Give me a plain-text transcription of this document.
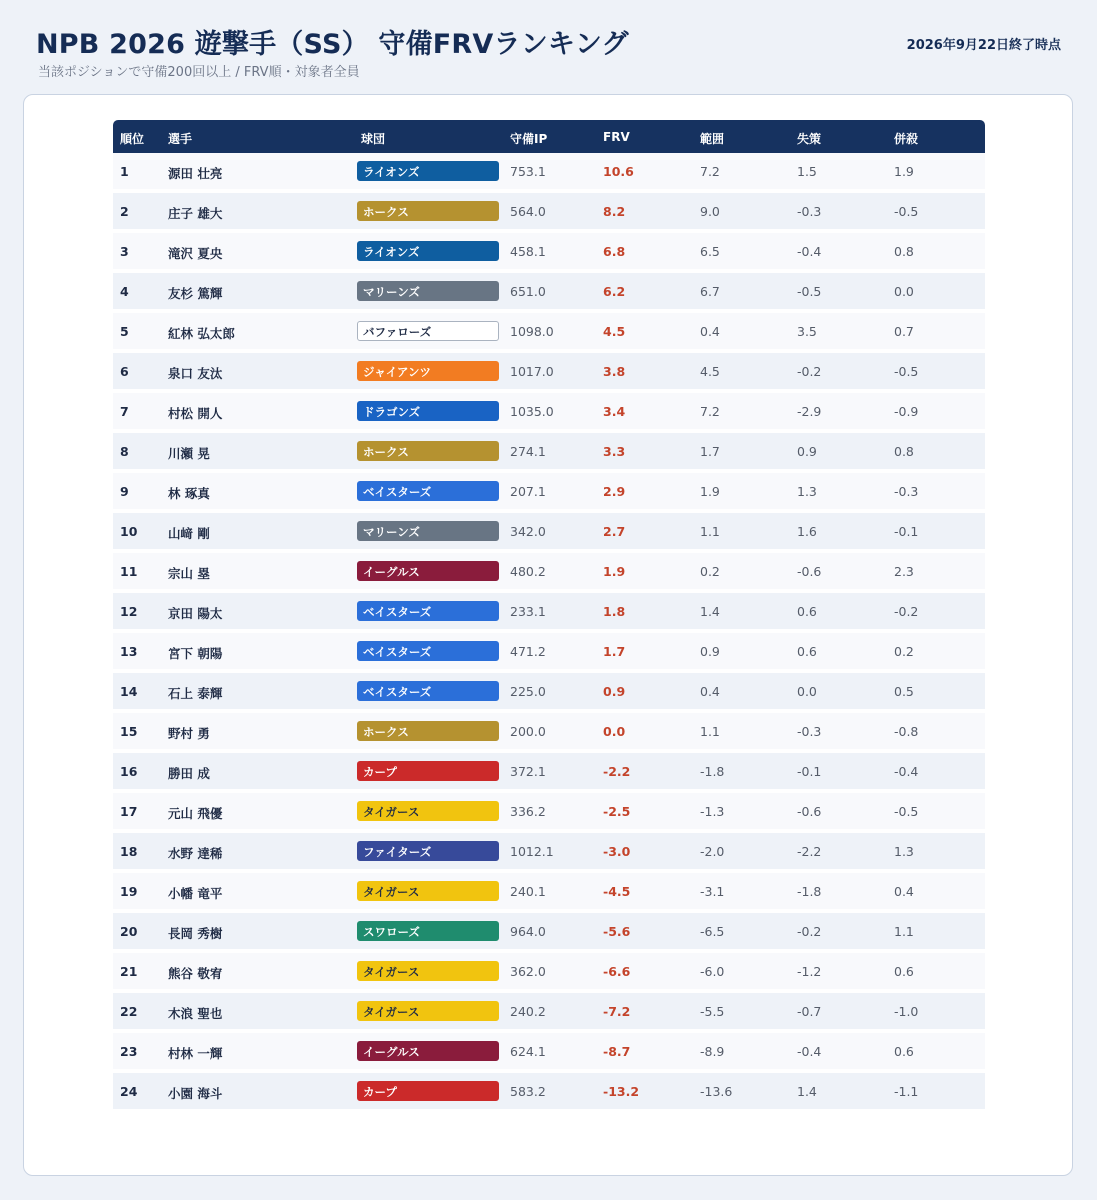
NPB 2026 遊撃手（SS） 守備FRVランキング
当該ポジションで守備200回以上 / FRV順・対象者全員
2026年9月22日終了時点
順位 選手	球団	守備IP	FRV	範囲	失策	併殺
1	源田 壮亮	ライオンズ	753.1	10.6	7.2	1.5	1.9
2	庄子 雄大	ホークス	564.0	8.2	9.0	-0.3	-0.5
3	滝沢 夏央	ライオンズ	458.1	6.8	6.5	-0.4	0.8
4	友杉 篤輝	マリーンズ	651.0	6.2	6.7	-0.5	0.0
5	紅林 弘太郎	バファローズ	1098.0	4.5	0.4	3.5	0.7
6	泉口 友汰	ジャイアンツ	1017.0	3.8	4.5	-0.2	-0.5
7	村松 開人	ドラゴンズ	1035.0	3.4	7.2	-2.9	-0.9
8	川瀬 晃	ホークス	274.1	3.3	1.7	0.9	0.8
9	林 琢真	ベイスターズ	207.1	2.9	1.9	1.3	-0.3
10 山﨑 剛	マリーンズ	342.0	2.7	1.1	1.6	-0.1
11 宗山 塁	イーグルス	480.2	1.9	0.2	-0.6	2.3
12 京田 陽太	ベイスターズ	233.1	1.8	1.4	0.6	-0.2
13 宮下 朝陽	ベイスターズ	471.2	1.7	0.9	0.6	0.2
14 石上 泰輝	ベイスターズ	225.0	0.9	0.4	0.0	0.5
15 野村 勇	ホークス	200.0	0.0	1.1	-0.3	-0.8
16 勝田 成	カープ	372.1	-2.2	-1.8	-0.1	-0.4
17 元山 飛優	タイガース	336.2	-2.5	-1.3	-0.6	-0.5
18 水野 達稀	ファイターズ	1012.1	-3.0	-2.0	-2.2	1.3
19 小幡 竜平	タイガース	240.1	-4.5	-3.1	-1.8	0.4
20 長岡 秀樹	スワローズ	964.0	-5.6	-6.5	-0.2	1.1
21 熊谷 敬宥	タイガース	362.0	-6.6	-6.0	-1.2	0.6
22 木浪 聖也	タイガース	240.2	-7.2	-5.5	-0.7	-1.0
23 村林 一輝	イーグルス	624.1	-8.7	-8.9	-0.4	0.6
24 小園 海斗	カープ	583.2	-13.2	-13.6	1.4	-1.1
